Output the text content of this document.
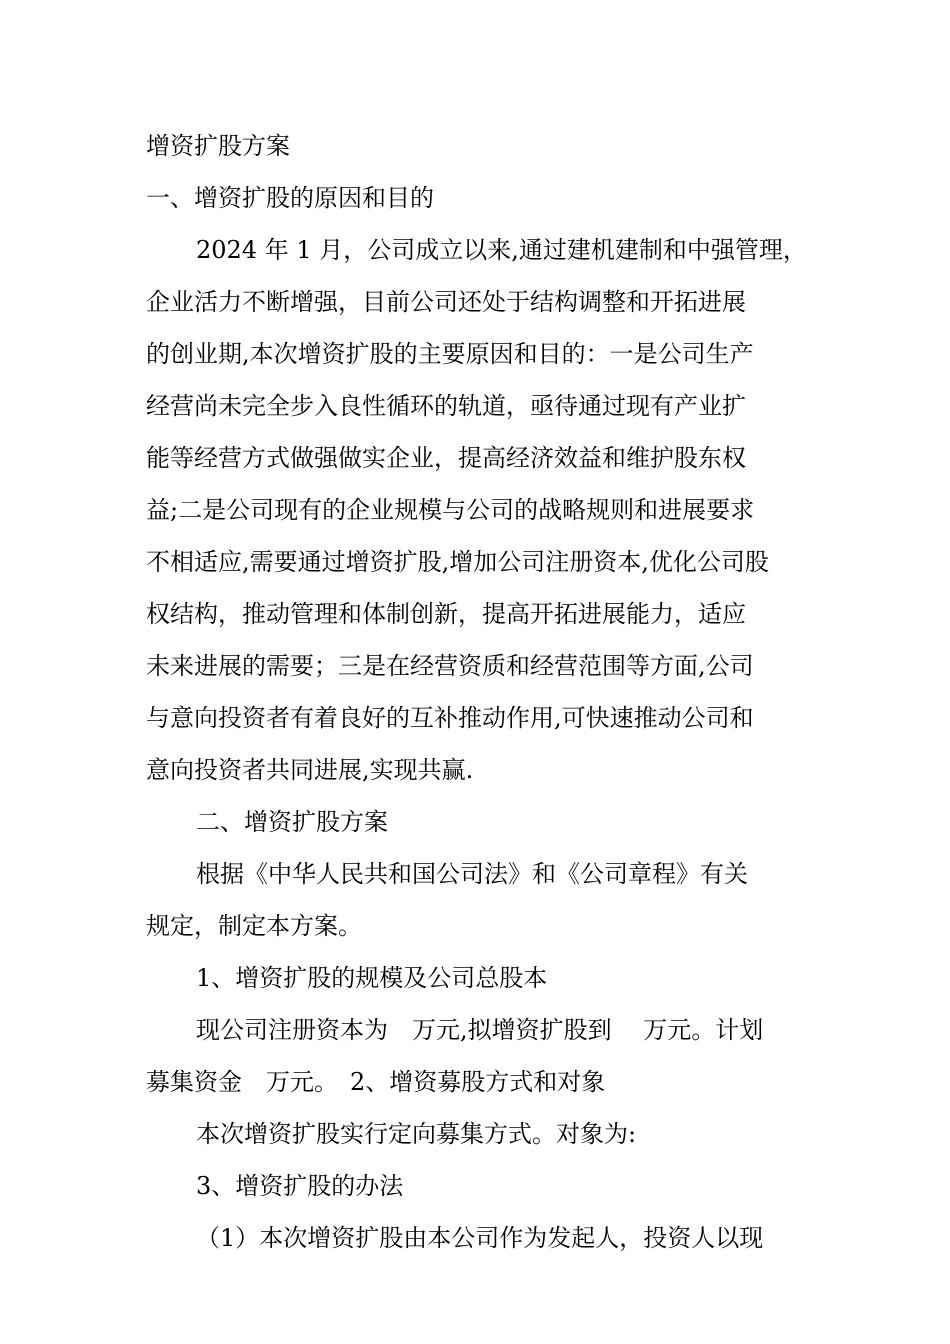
增资扩股方案
一、增资扩股的原因和目的
2024 年 1 月，公司成立以来,通过建机建制和中强管理，
企业活力不断增强，目前公司还处于结构调整和开拓进展
的创业期,本次增资扩股的主要原因和目的：一是公司生产
经营尚未完全步入良性循环的轨道，亟待通过现有产业扩
能等经营方式做强做实企业，提高经济效益和维护股东权
益;二是公司现有的企业规模与公司的战略规则和进展要求
不相适应,需要通过增资扩股,增加公司注册资本,优化公司股
权结构，推动管理和体制创新，提高开拓进展能力，适应
未来进展的需要；三是在经营资质和经营范围等方面,公司
与意向投资者有着良好的互补推动作用,可快速推动公司和
意向投资者共同进展,实现共赢.
二、增资扩股方案
根据《中华人民共和国公司法》和《公司章程》有关
规定，制定本方案。
1、增资扩股的规模及公司总股本
现公司注册资本为　万元,拟增资扩股到　 万元。计划
募集资金　万元。　2、增资募股方式和对象
本次增资扩股实行定向募集方式。对象为:
3、增资扩股的办法
（1）本次增资扩股由本公司作为发起人，投资人以现
